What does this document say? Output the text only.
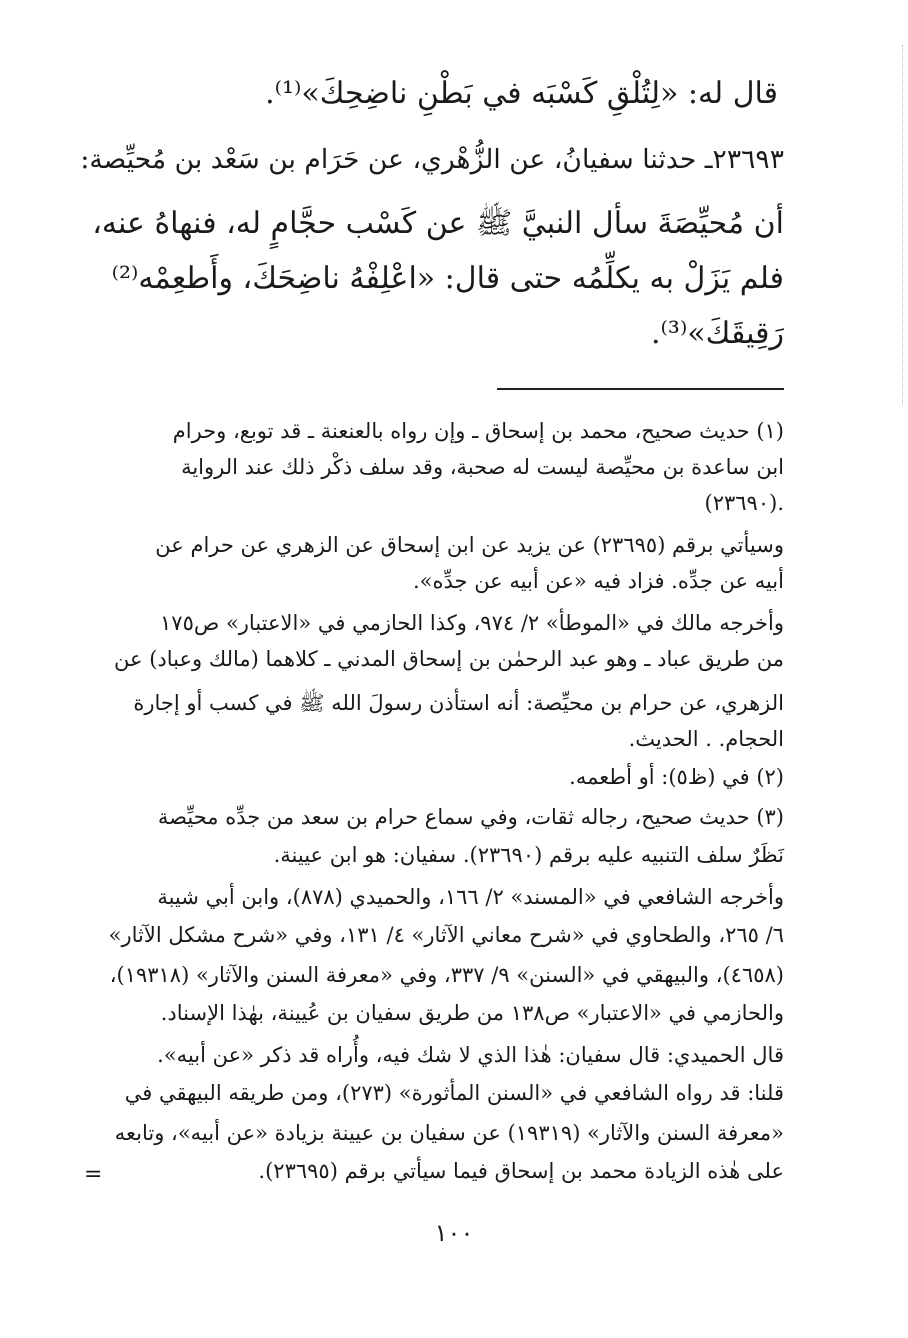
قال له: «لِتُلْقِ كَسْبَه في بَطْنِ ناضِحِكَ»⁽¹⁾.
٢٣٦٩٣ـ حدثنا سفيانُ، عن الزُّهْري، عن حَرَام بن سَعْد بن مُحيِّصة:
أن مُحيِّصَةَ سأل النبيَّ ﷺ عن كَسْب حجَّامٍ له، فنهاهُ عنه،
فلم يَزَلْ به يكلِّمُه حتى قال: «اعْلِفْهُ ناضِحَكَ، وأَطعِمْه⁽²⁾
رَقِيقَكَ»⁽³⁾.
(١) حديث صحيح، محمد بن إسحاق ـ وإن رواه بالعنعنة ـ قد توبع، وحرام
ابن ساعدة بن محيِّصة ليست له صحبة، وقد سلف ذكْر ذلك عند الرواية
(٢٣٦٩٠).
وسيأتي برقم (٢٣٦٩٥) عن يزيد عن ابن إسحاق عن الزهري عن حرام عن
أبيه عن جدِّه. فزاد فيه «عن أبيه عن جدِّه».
وأخرجه مالك في «الموطأ» ٢/ ٩٧٤، وكذا الحازمي في «الاعتبار» ص١٧٥
من طريق عباد ـ وهو عبد الرحمٰن بن إسحاق المدني ـ كلاهما (مالك وعباد) عن
الزهري، عن حرام بن محيِّصة: أنه استأذن رسولَ الله ﷺ في كسب أو إجارة
الحجام. . الحديث.
(٢) في (ظ٥): أو أطعمه.
(٣) حديث صحيح، رجاله ثقات، وفي سماع حرام بن سعد من جدِّه محيِّصة
نَظَرٌ سلف التنبيه عليه برقم (٢٣٦٩٠). سفيان: هو ابن عيينة.
وأخرجه الشافعي في «المسند» ٢/ ١٦٦، والحميدي (٨٧٨)، وابن أبي شيبة
٦/ ٢٦٥، والطحاوي في «شرح معاني الآثار» ٤/ ١٣١، وفي «شرح مشكل الآثار»
(٤٦٥٨)، والبيهقي في «السنن» ٩/ ٣٣٧، وفي «معرفة السنن والآثار» (١٩٣١٨)،
والحازمي في «الاعتبار» ص١٣٨ من طريق سفيان بن عُيينة، بهٰذا الإسناد.
قال الحميدي: قال سفيان: هٰذا الذي لا شك فيه، وأُراه قد ذكر «عن أبيه».
قلنا: قد رواه الشافعي في «السنن المأثورة» (٢٧٣)، ومن طريقه البيهقي في
«معرفة السنن والآثار» (١٩٣١٩) عن سفيان بن عيينة بزيادة «عن أبيه»، وتابعه
على هٰذه الزيادة محمد بن إسحاق فيما سيأتي برقم (٢٣٦٩٥).
=
١٠٠
